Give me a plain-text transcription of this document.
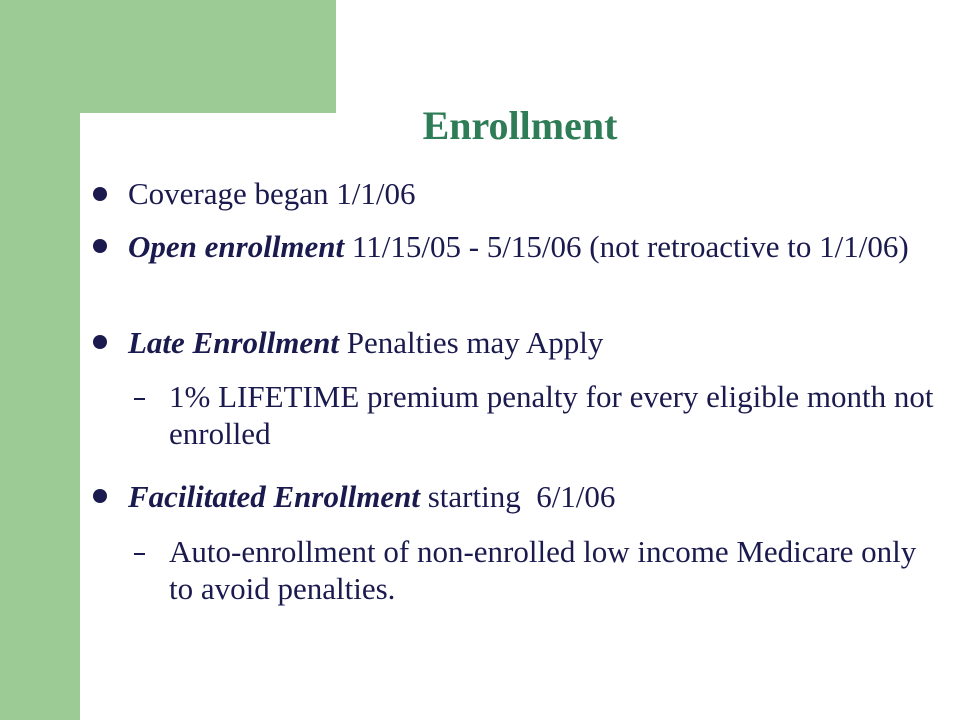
Enrollment
Coverage began 1/1/06
Open enrollment 11/15/05 - 5/15/06 (not retroactive to 1/1/06)
Late Enrollment Penalties may Apply
1% LIFETIME premium penalty for every eligible month not enrolled
Facilitated Enrollment starting  6/1/06
Auto-enrollment of non-enrolled low income Medicare only to avoid penalties.
